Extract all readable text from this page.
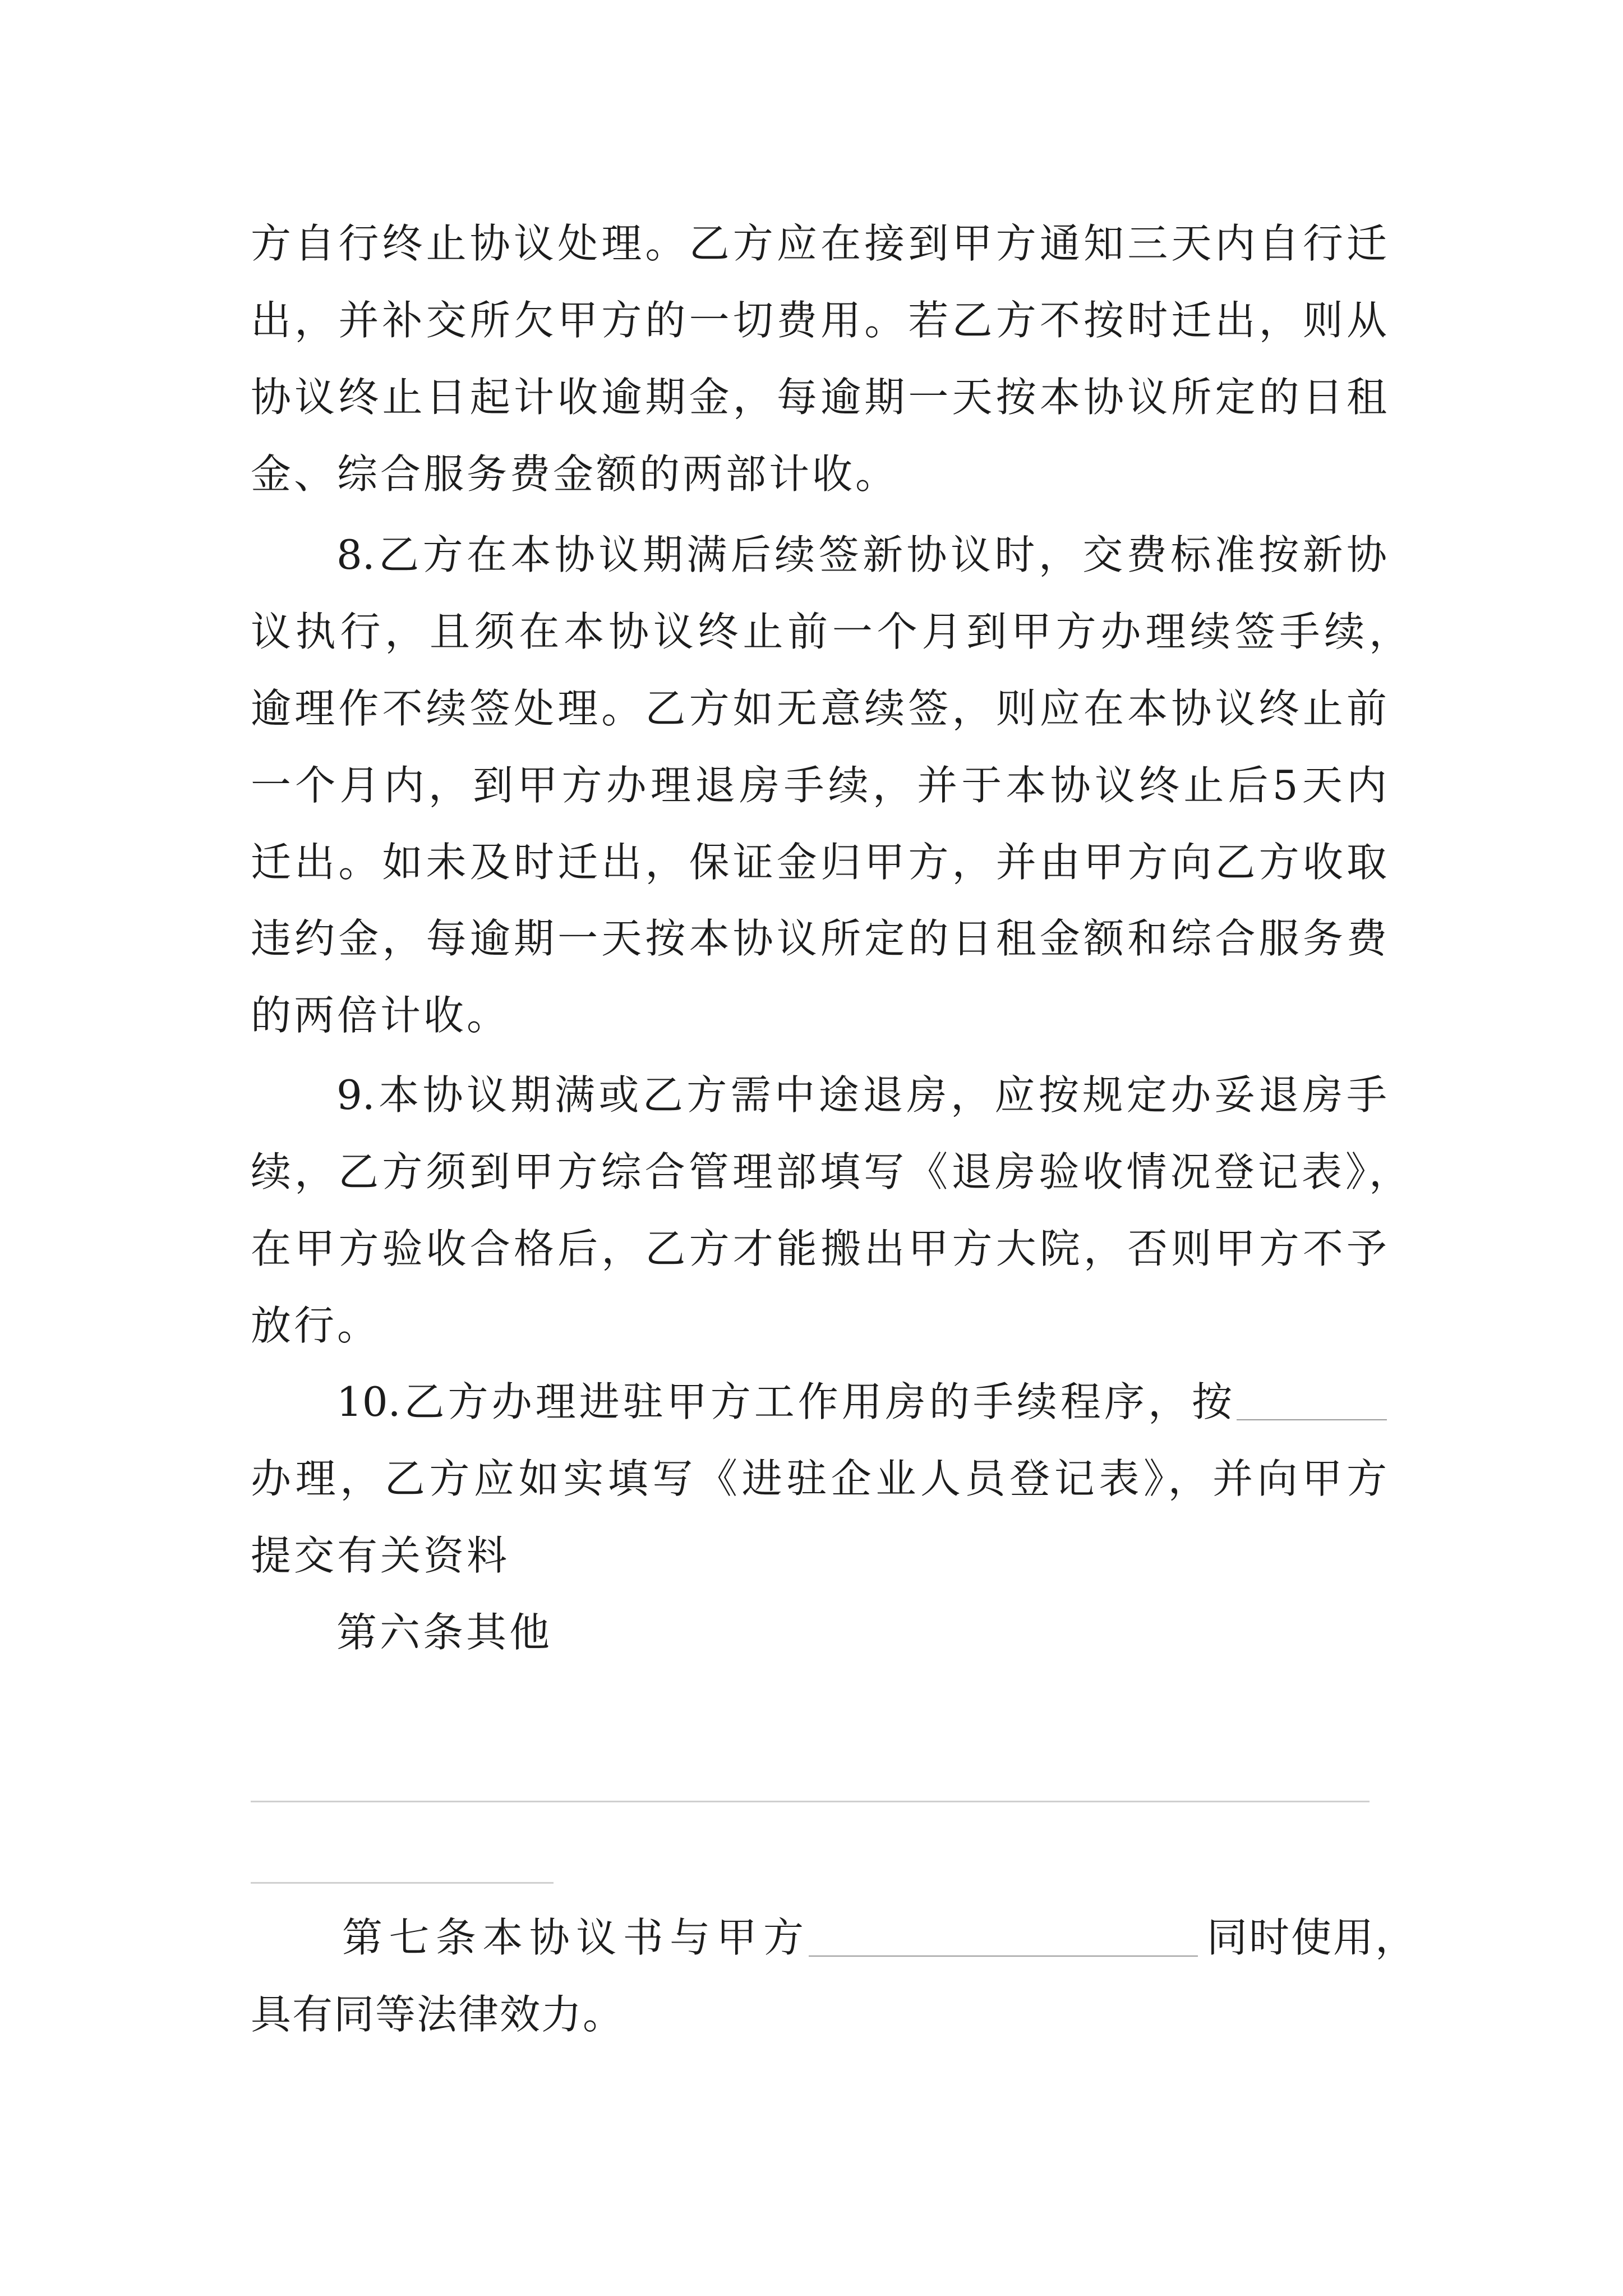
方自行终止协议处理。乙方应在接到甲方通知三天内自行迁
出，并补交所欠甲方的一切费用。若乙方不按时迁出，则从
协议终止日起计收逾期金，每逾期一天按本协议所定的日租
金、综合服务费金额的两部计收。
8.乙方在本协议期满后续签新协议时，交费标准按新协
议执行，且须在本协议终止前一个月到甲方办理续签手续，
逾理作不续签处理。乙方如无意续签，则应在本协议终止前
一个月内，到甲方办理退房手续，并于本协议终止后5天内
迁出。如未及时迁出，保证金归甲方，并由甲方向乙方收取
违约金，每逾期一天按本协议所定的日租金额和综合服务费
的两倍计收。
9.本协议期满或乙方需中途退房，应按规定办妥退房手
续，乙方须到甲方综合管理部填写《退房验收情况登记表》，
在甲方验收合格后，乙方才能搬出甲方大院，否则甲方不予
放行。
10.乙方办理进驻甲方工作用房的手续程序，按
办理，乙方应如实填写《进驻企业人员登记表》，并向甲方
提交有关资料
第六条其他
第七条本协议书与甲方	同时使用，
具有同等法律效力。
